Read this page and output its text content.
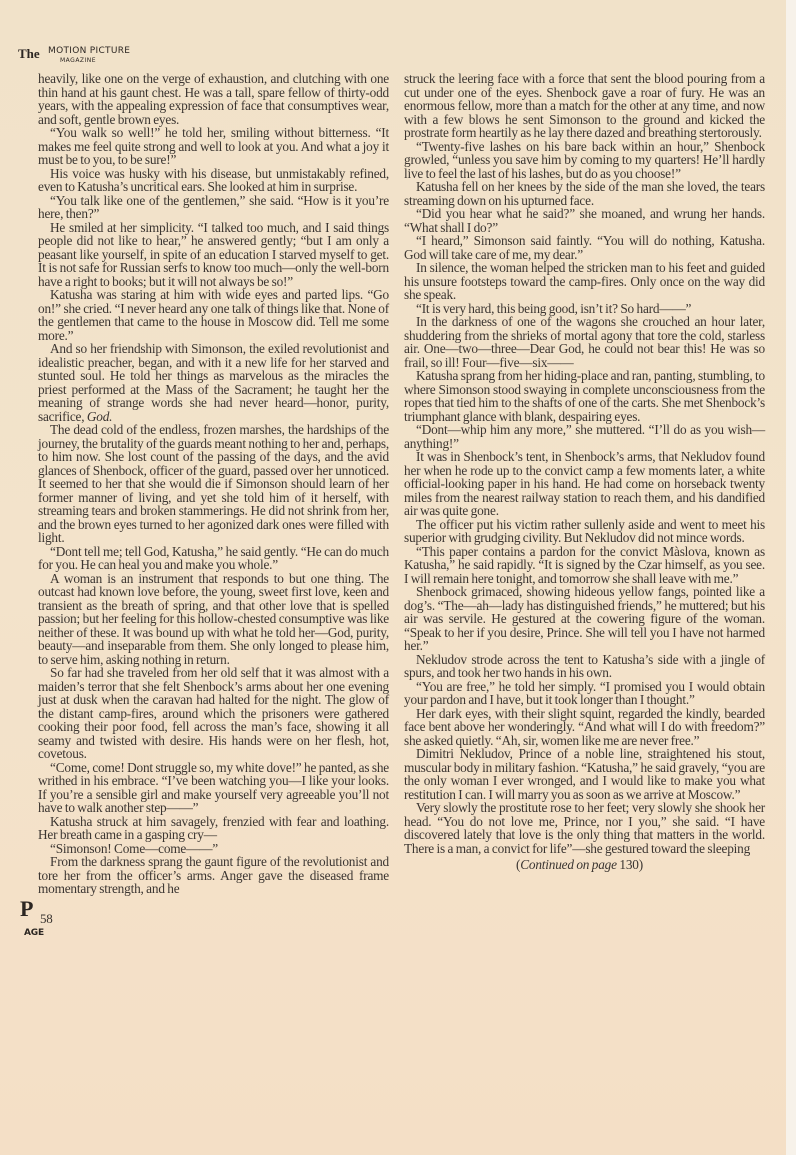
The MOTION PICTURE
MAGAZINE

heavily, like one on the verge of exhaustion, and clutching with one thin hand at his gaunt chest. He was a tall, spare fellow of thirty-odd years, with the appealing expression of face that consumptives wear, and soft, gentle brown eyes.

“You walk so well!” he told her, smiling without bitterness. “It makes me feel quite strong and well to look at you. And what a joy it must be to you, to be sure!”

His voice was husky with his disease, but unmistakably refined, even to Katusha’s uncritical ears. She looked at him in surprise.

“You talk like one of the gentlemen,” she said. “How is it you’re here, then?”

He smiled at her simplicity. “I talked too much, and I said things people did not like to hear,” he answered gently; “but I am only a peasant like yourself, in spite of an education I starved myself to get. It is not safe for Russian serfs to know too much—only the well-born have a right to books; but it will not always be so!”

Katusha was staring at him with wide eyes and parted lips. “Go on!” she cried. “I never heard any one talk of things like that. None of the gentlemen that came to the house in Moscow did. Tell me some more.”

And so her friendship with Simonson, the exiled revolutionist and idealistic preacher, began, and with it a new life for her starved and stunted soul. He told her things as marvelous as the miracles the priest performed at the Mass of the Sacrament; he taught her the meaning of strange words she had never heard—honor, purity, sacrifice, God.

The dead cold of the endless, frozen marshes, the hardships of the journey, the brutality of the guards meant nothing to her and, perhaps, to him now. She lost count of the passing of the days, and the avid glances of Shenbock, officer of the guard, passed over her unnoticed. It seemed to her that she would die if Simonson should learn of her former manner of living, and yet she told him of it herself, with streaming tears and broken stammerings. He did not shrink from her, and the brown eyes turned to her agonized dark ones were filled with light.

“Dont tell me; tell God, Katusha,” he said gently. “He can do much for you. He can heal you and make you whole.”

A woman is an instrument that responds to but one thing. The outcast had known love before, the young, sweet first love, keen and transient as the breath of spring, and that other love that is spelled passion; but her feeling for this hollow-chested consumptive was like neither of these. It was bound up with what he told her—God, purity, beauty—and inseparable from them. She only longed to please him, to serve him, asking nothing in return.

So far had she traveled from her old self that it was almost with a maiden’s terror that she felt Shenbock’s arms about her one evening just at dusk when the caravan had halted for the night. The glow of the distant camp-fires, around which the prisoners were gathered cooking their poor food, fell across the man’s face, showing it all seamy and twisted with desire. His hands were on her flesh, hot, covetous.

“Come, come! Dont struggle so, my white dove!” he panted, as she writhed in his embrace. “I’ve been watching you—I like your looks. If you’re a sensible girl and make yourself very agreeable you’ll not have to walk another step——”

Katusha struck at him savagely, frenzied with fear and loathing. Her breath came in a gasping cry—

“Simonson! Come—come——”

From the darkness sprang the gaunt figure of the revolutionist and tore her from the officer’s arms. Anger gave the diseased frame momentary strength, and he

P 58
AGE

struck the leering face with a force that sent the blood pouring from a cut under one of the eyes. Shenbock gave a roar of fury. He was an enormous fellow, more than a match for the other at any time, and now with a few blows he sent Simonson to the ground and kicked the prostrate form heartily as he lay there dazed and breathing stertorously.

“Twenty-five lashes on his bare back within an hour,” Shenbock growled, “unless you save him by coming to my quarters! He’ll hardly live to feel the last of his lashes, but do as you choose!”

Katusha fell on her knees by the side of the man she loved, the tears streaming down on his upturned face.

“Did you hear what he said?” she moaned, and wrung her hands. “What shall I do?”

“I heard,” Simonson said faintly. “You will do nothing, Katusha. God will take care of me, my dear.”

In silence, the woman helped the stricken man to his feet and guided his unsure footsteps toward the camp-fires. Only once on the way did she speak.

“It is very hard, this being good, isn’t it? So hard——”

In the darkness of one of the wagons she crouched an hour later, shuddering from the shrieks of mortal agony that tore the cold, starless air. One—two—three—Dear God, he could not bear this! He was so frail, so ill! Four—five—six——

Katusha sprang from her hiding-place and ran, panting, stumbling, to where Simonson stood swaying in complete unconsciousness from the ropes that tied him to the shafts of one of the carts. She met Shenbock’s triumphant glance with blank, despairing eyes.

“Dont—whip him any more,” she muttered. “I’ll do as you wish—anything!”

It was in Shenbock’s tent, in Shenbock’s arms, that Nekludov found her when he rode up to the convict camp a few moments later, a white official-looking paper in his hand. He had come on horseback twenty miles from the nearest railway station to reach them, and his dandified air was quite gone.

The officer put his victim rather sullenly aside and went to meet his superior with grudging civility. But Nekludov did not mince words.

“This paper contains a pardon for the convict Màslova, known as Katusha,” he said rapidly. “It is signed by the Czar himself, as you see. I will remain here tonight, and tomorrow she shall leave with me.”

Shenbock grimaced, showing hideous yellow fangs, pointed like a dog’s. “The—ah—lady has distinguished friends,” he muttered; but his air was servile. He gestured at the cowering figure of the woman. “Speak to her if you desire, Prince. She will tell you I have not harmed her.”

Nekludov strode across the tent to Katusha’s side with a jingle of spurs, and took her two hands in his own.

“You are free,” he told her simply. “I promised you I would obtain your pardon and I have, but it took longer than I thought.”

Her dark eyes, with their slight squint, regarded the kindly, bearded face bent above her wonderingly. “And what will I do with freedom?” she asked quietly. “Ah, sir, women like me are never free.”

Dimitri Nekludov, Prince of a noble line, straightened his stout, muscular body in military fashion. “Katusha,” he said gravely, “you are the only woman I ever wronged, and I would like to make you what restitution I can. I will marry you as soon as we arrive at Moscow.”

Very slowly the prostitute rose to her feet; very slowly she shook her head. “You do not love me, Prince, nor I you,” she said. “I have discovered lately that love is the only thing that matters in the world. There is a man, a convict for life”—she gestured toward the sleeping

(Continued on page 130)
